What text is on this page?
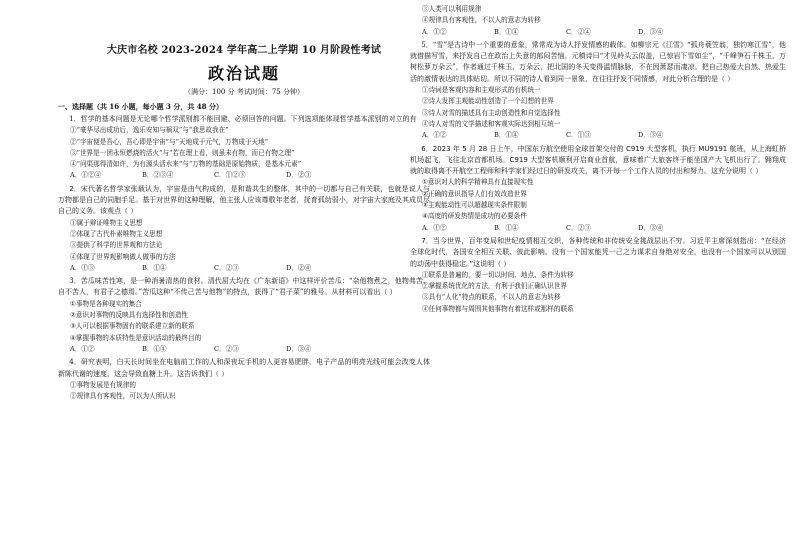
大庆市名校 2023-2024 学年高二上学期 10 月阶段性考试
政治试题
（满分：100 分 考试时间：75 分钟）
一、选择题（共 16 小题，每小题 3 分，共 48 分）
1．哲学的基本问题是无论哪个哲学派别都不能回避、必须回答的问题。下列选项能体现哲学基本派别的对立的有
①“豪华尽出成功后，逸乐安知与祸双”与“我思故我在”
②“宇宙便是吾心，吾心即是宇宙”与“天地成于元气，万物成于天地”
③“世界是一团永恒燃烧的活火”与“若在理上看，则虽未有物，而已有物之理”
④“问渠那得清如许，为有源头活水来”与“万物的基础是原始物质，是基本元素”
A．①②④	B．②③④	C．①②③	D．②③
2．宋代著名哲学家张载认为，宇宙是由气构成的，是和谐共生的整体，其中的一切都与自己有关联，也就是说人与万物都是自己的同胞手足。基于对世界的这种理解，他主张人应该尊敬年老者，抚育孤幼弱小，对宇宙大家庭及其成员尽自己的义务。该观点（ ）
①属于辩证唯物主义思想
②体现了古代朴素唯物主义思想
③提供了科学的世界观和方法论
④体现了世界观影响做人做事的方法
A．①③	B．①④	C．②③	D．②④
3．苦瓜味苦性寒，是一种消暑清热的食材。清代屈大均在《广东新语》中这样评价苦瓜：“杂他物煮之，他物弗苦，自不苦人，有君子之德焉。”苦瓜这种“不传己苦与他物”的特点，获得了“君子菜”的雅号。从材料可以看出（ ）
①事物是各种现实的集合
②意识对事物的反映具有选择性和创造性
③人可以根据事物固有的联系建立新的联系
④掌握事物的本质特性是意识活动的最终目的
A．①②	B．①④	C．②③	D．③④
4．研究表明，白天长时间坐在电脑前工作的人和深夜玩手机的人更容易肥胖，电子产品的明亮光线可能会改变人体新陈代谢的速度，这会导致血糖上升。这告诉我们（ ）
①事物发展是有规律的
②规律具有客观性，可以为人所认识
③人类可以利用规律
④规律具有客观性，不以人的意志为转移
A．①②	B．①④	C．②④	D．③④
5．“雪”是古诗中一个重要的意象，常常成为诗人抒发情感的载体。如柳宗元《江雪》“孤舟蓑笠翁，独钓寒江雪”，他就借描写雪，来抒发自己在政治上失意的郁闷苦恼。元稹诗曰“才见岭头云似盖，已惊岩下雪如尘”，“千峰笋石千株玉，万树松萝万朵云”，作者通过千株玉、万朵云，把北国的冬天变得温情脉脉，不在因萧瑟而凄凉。把自己热爱大自然、热爱生活的激情表达的具体贴切。所以不同的诗人看到同一景象，在往往抒发不同情感，对此分析合理的是（ ）
①诗词是客观内容和主观形式的有机统一
②诗人发挥主观能动性创造了一个幻想的世界
③诗人对雪的描述具有主动创造性和自觉选择性
④诗人对雪的文学描述和客观实际达到相互统一
A．①②	B．①④	C．①③	D．③④
6．2023 年 5 月 28 日上午，中国东方航空使用全球首架交付的 C919 大型客机，执行 MU9191 航班，从上海虹桥机场起飞，飞往北京首都机场。C919 大型客机顺利开启商业首航，意味着广大旅客终于能坐国产大飞机出行了。翱翔成就的取得离不开航空工程师和科学家们经过日的研发攻关，离不开每一个工作人员的付出和努力。这充分说明（ ）
①意识对人的科学精神具有直接现实性
②正确的意识指导人们有效改造世界
③主观能动性可以超越现实条件限制
④高度的研发热情是成功的必要条件
A．①②	B．①④	C．②③	D．③④
7．当今世界，百年变局和世纪疫情相互交织，各种传统和非传统安全挑战层出不穷。习近平主席深刻指出：“在经济全球化时代，各国安全相互关联、彼此影响。没有一个国家能凭一己之力谋求自身绝对安全，也没有一个国家可以从别国的动荡中获得稳定。”这说明（ ）
①联系是普遍的，要一切以时间、地点、条件为转移
②掌握系统优化的方法，有利于我们正确认识世界
③具有“人化”特点的联系，不以人的意志为转移
④任何事物都与周围其他事物有着这样或那样的联系
